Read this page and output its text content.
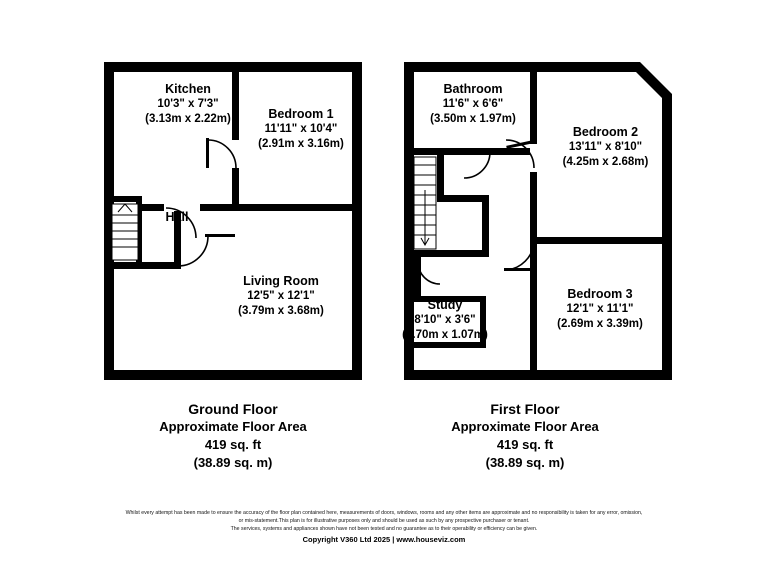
Kitchen
10'3" x 7'3"
(3.13m x 2.22m)	Bedroom 1
11'11" x 10'4"
(2.91m x 3.16m)
Hall
Living Room
12'5" x 12'1"
(3.79m x 3.68m)
Bathroom
11'6" x 6'6"
(3.50m x 1.97m)
Bedroom 2
13'11" x 8'10"
(4.25m x 2.68m)
Bedroom 3
12'1" x 11'1"
(2.69m x 3.39m)
Study
8'10" x 3'6"
(2.70m x 1.07m)
Ground Floor
Approximate Floor Area
419 sq. ft
(38.89 sq. m)
First Floor
Approximate Floor Area
419 sq. ft
(38.89 sq. m)
Whilst every attempt has been made to ensure the accuracy of the floor plan contained here, measurements of doors, windows, rooms and any other items are approximate and no responsibility is taken for any error, omission,
or mis-statement.This plan is for illustrative purposes only and should be used as such by any prospective purchaser or tenant.
The services, systems and appliances shown have not been tested and no guarantee as to their operability or efficiency can be given.
Copyright V360 Ltd 2025 | www.houseviz.com
